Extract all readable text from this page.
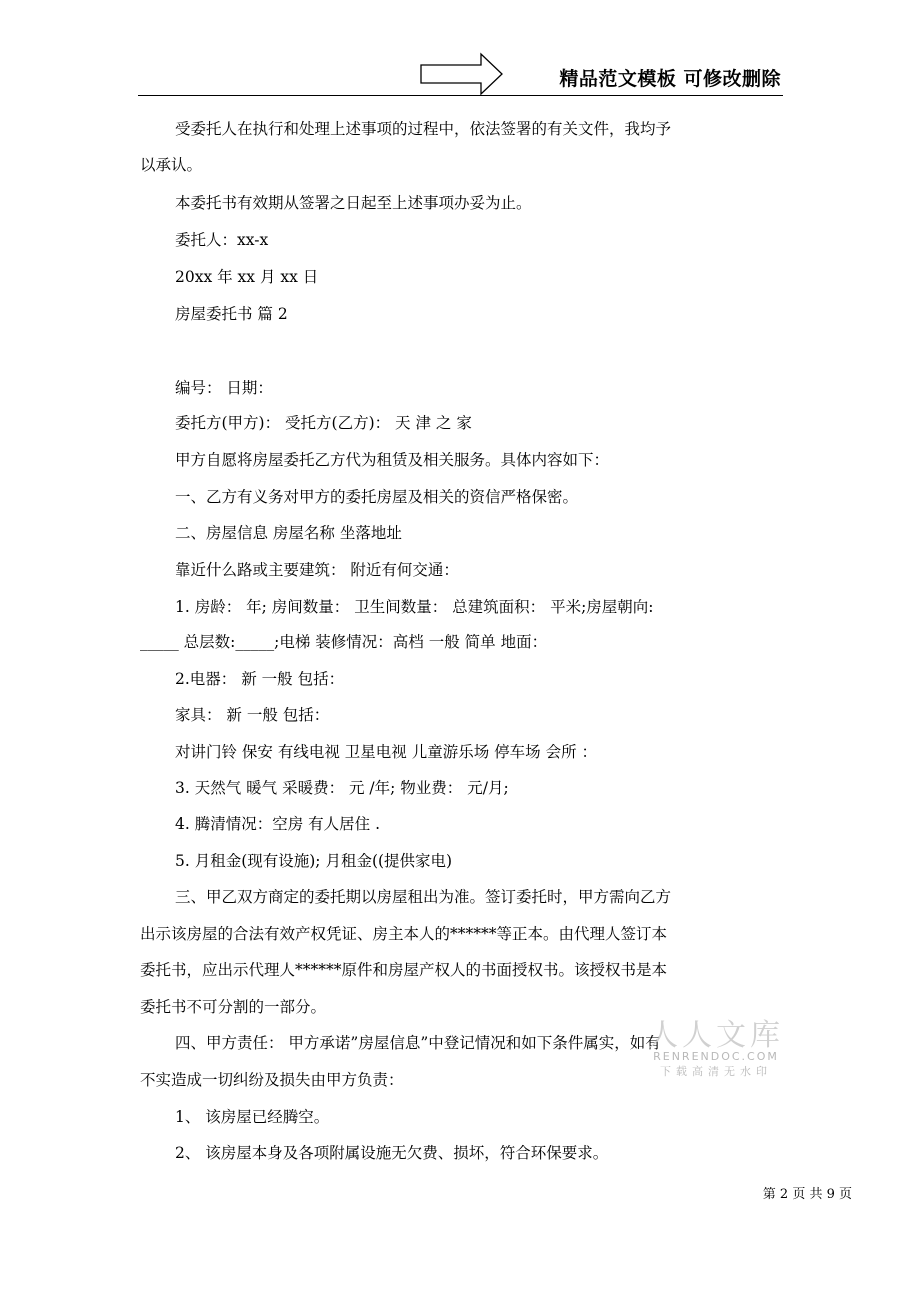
精品范文模板 可修改删除
受委托人在执行和处理上述事项的过程中，依法签署的有关文件，我均予
以承认。
本委托书有效期从签署之日起至上述事项办妥为止。
委托人：xx-x
20xx 年 xx 月 xx 日
房屋委托书 篇 2
编号： 日期：
委托方(甲方)： 受托方(乙方)： 天 津 之 家
甲方自愿将房屋委托乙方代为租赁及相关服务。具体内容如下：
一、乙方有义务对甲方的委托房屋及相关的资信严格保密。
二、房屋信息 房屋名称 坐落地址
靠近什么路或主要建筑： 附近有何交通：
1. 房龄： 年; 房间数量： 卫生间数量： 总建筑面积： 平米;房屋朝向:
_____ 总层数:_____;电梯 装修情况：高档 一般 简单 地面：
2.电器： 新 一般 包括：
家具： 新 一般 包括：
对讲门铃 保安 有线电视 卫星电视 儿童游乐场 停车场 会所 ：
3. 天然气 暖气 采暖费： 元 /年; 物业费： 元/月;
4. 腾清情况：空房 有人居住 .
5. 月租金(现有设施); 月租金((提供家电)
三、甲乙双方商定的委托期以房屋租出为准。签订委托时，甲方需向乙方
出示该房屋的合法有效产权凭证、房主本人的******等正本。由代理人签订本
委托书，应出示代理人******原件和房屋产权人的书面授权书。该授权书是本
委托书不可分割的一部分。
四、甲方责任： 甲方承诺”房屋信息”中登记情况和如下条件属实，如有
不实造成一切纠纷及损失由甲方负责：
1、 该房屋已经腾空。
2、 该房屋本身及各项附属设施无欠费、损坏，符合环保要求。
人人文库
RENRENDOC.COM
下载高清无水印
第 2 页 共 9 页
